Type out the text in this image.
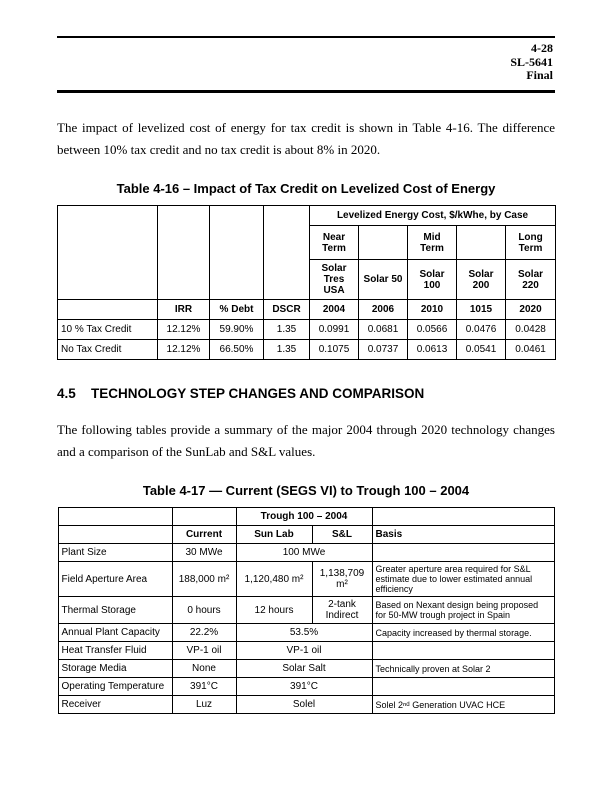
4-28
SL-5641
Final

The impact of levelized cost of energy for tax credit is shown in Table 4-16. The difference between 10% tax credit and no tax credit is about 8% in 2020.

Table 4-16 – Impact of Tax Credit on Levelized Cost of Energy
				Levelized Energy Cost, $/kWhe, by Case				
				Near Term		Mid Term		Long Term
				Solar Tres USA	Solar 50	Solar 100	Solar 200	Solar 220
	IRR	% Debt	DSCR	2004	2006	2010	1015	2020
10 % Tax Credit	12.12%	59.90%	1.35	0.0991	0.0681	0.0566	0.0476	0.0428
No Tax Credit	12.12%	66.50%	1.35	0.1075	0.0737	0.0613	0.0541	0.0461
4.5 TECHNOLOGY STEP CHANGES AND COMPARISON

The following tables provide a summary of the major 2004 through 2020 technology changes and a comparison of the SunLab and S&L values.

Table 4-17 — Current (SEGS VI) to Trough 100 – 2004
		Trough 100 – 2004		
	Current	Sun Lab	S&L	Basis
Plant Size	30 MWe	100 MWe		
Field Aperture Area	188,000 m²	1,120,480 m²	1,138,709 m²	Greater aperture area required for S&L estimate due to lower estimated annual efficiency
Thermal Storage	0 hours	12 hours	2-tank Indirect	Based on Nexant design being proposed for 50-MW trough project in Spain
Annual Plant Capacity	22.2%	53.5%		Capacity increased by thermal storage.
Heat Transfer Fluid	VP-1 oil	VP-1 oil		
Storage Media	None	Solar Salt		Technically proven at Solar 2
Operating Temperature	391°C	391°C		
Receiver	Luz	Solel		Solel 2ⁿᵈ Generation UVAC HCE
